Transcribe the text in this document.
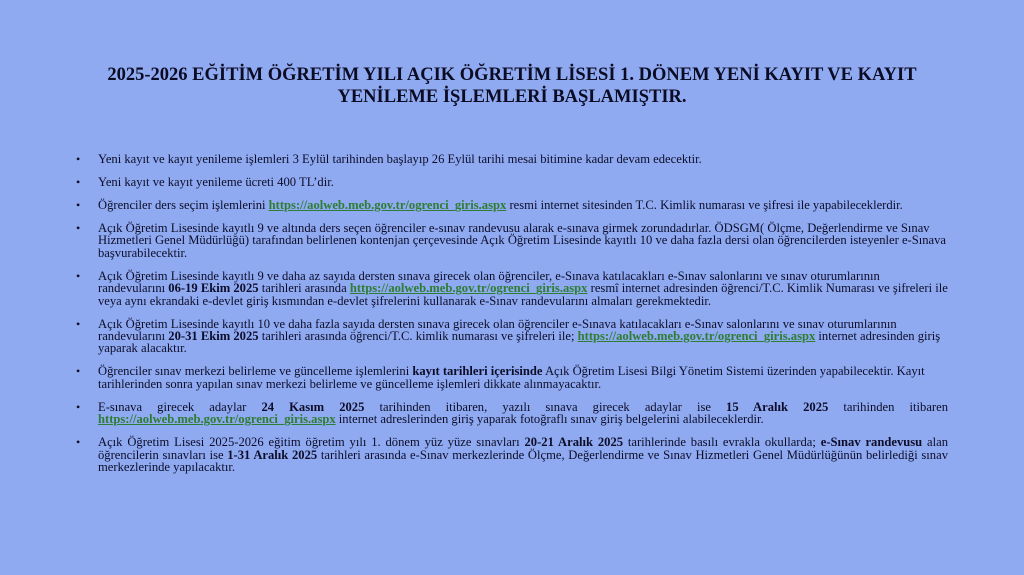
2025-2026 EĞİTİM ÖĞRETİM YILI AÇIK ÖĞRETİM LİSESİ 1. DÖNEM YENİ KAYIT VE KAYIT
YENİLEME İŞLEMLERİ BAŞLAMIŞTIR.
• Yeni kayıt ve kayıt yenileme işlemleri 3 Eylül tarihinden başlayıp 26 Eylül tarihi mesai bitimine kadar devam edecektir.
• Yeni kayıt ve kayıt yenileme ücreti 400 TL’dir.
• Öğrenciler ders seçim işlemlerini https://aolweb.meb.gov.tr/ogrenci_giris.aspx resmi internet sitesinden T.C. Kimlik numarası ve şifresi ile yapabileceklerdir.
• Açık Öğretim Lisesinde kayıtlı 9 ve altında ders seçen öğrenciler e-sınav randevusu alarak e-sınava girmek zorundadırlar. ÖDSGM( Ölçme, Değerlendirme ve Sınav Hizmetleri Genel Müdürlüğü) tarafından belirlenen kontenjan çerçevesinde Açık Öğretim Lisesinde kayıtlı 10 ve daha fazla dersi olan öğrencilerden isteyenler e-Sınava başvurabilecektir.
• Açık Öğretim Lisesinde kayıtlı 9 ve daha az sayıda dersten sınava girecek olan öğrenciler, e-Sınava katılacakları e-Sınav salonlarını ve sınav oturumlarının randevularını 06-19 Ekim 2025 tarihleri arasında https://aolweb.meb.gov.tr/ogrenci_giris.aspx resmî internet adresinden öğrenci/T.C. Kimlik Numarası ve şifreleri ile veya aynı ekrandaki e-devlet giriş kısmından e-devlet şifrelerini kullanarak e-Sınav randevularını almaları gerekmektedir.
• Açık Öğretim Lisesinde kayıtlı 10 ve daha fazla sayıda dersten sınava girecek olan öğrenciler e-Sınava katılacakları e-Sınav salonlarını ve sınav oturumlarının randevularını 20-31 Ekim 2025 tarihleri arasında öğrenci/T.C. kimlik numarası ve şifreleri ile; https://aolweb.meb.gov.tr/ogrenci_giris.aspx internet adresinden giriş yaparak alacaktır.
• Öğrenciler sınav merkezi belirleme ve güncelleme işlemlerini kayıt tarihleri içerisinde Açık Öğretim Lisesi Bilgi Yönetim Sistemi üzerinden yapabilecektir. Kayıt tarihlerinden sonra yapılan sınav merkezi belirleme ve güncelleme işlemleri dikkate alınmayacaktır.
• E-sınava girecek adaylar 24 Kasım 2025 tarihinden itibaren, yazılı sınava girecek adaylar ise 15 Aralık 2025 tarihinden itibaren https://aolweb.meb.gov.tr/ogrenci_giris.aspx internet adreslerinden giriş yaparak fotoğraflı sınav giriş belgelerini alabileceklerdir.
• Açık Öğretim Lisesi 2025-2026 eğitim öğretim yılı 1. dönem yüz yüze sınavları 20-21 Aralık 2025 tarihlerinde basılı evrakla okullarda; e-Sınav randevusu alan öğrencilerin sınavları ise 1-31 Aralık 2025 tarihleri arasında e-Sınav merkezlerinde Ölçme, Değerlendirme ve Sınav Hizmetleri Genel Müdürlüğünün belirlediği sınav merkezlerinde yapılacaktır.
